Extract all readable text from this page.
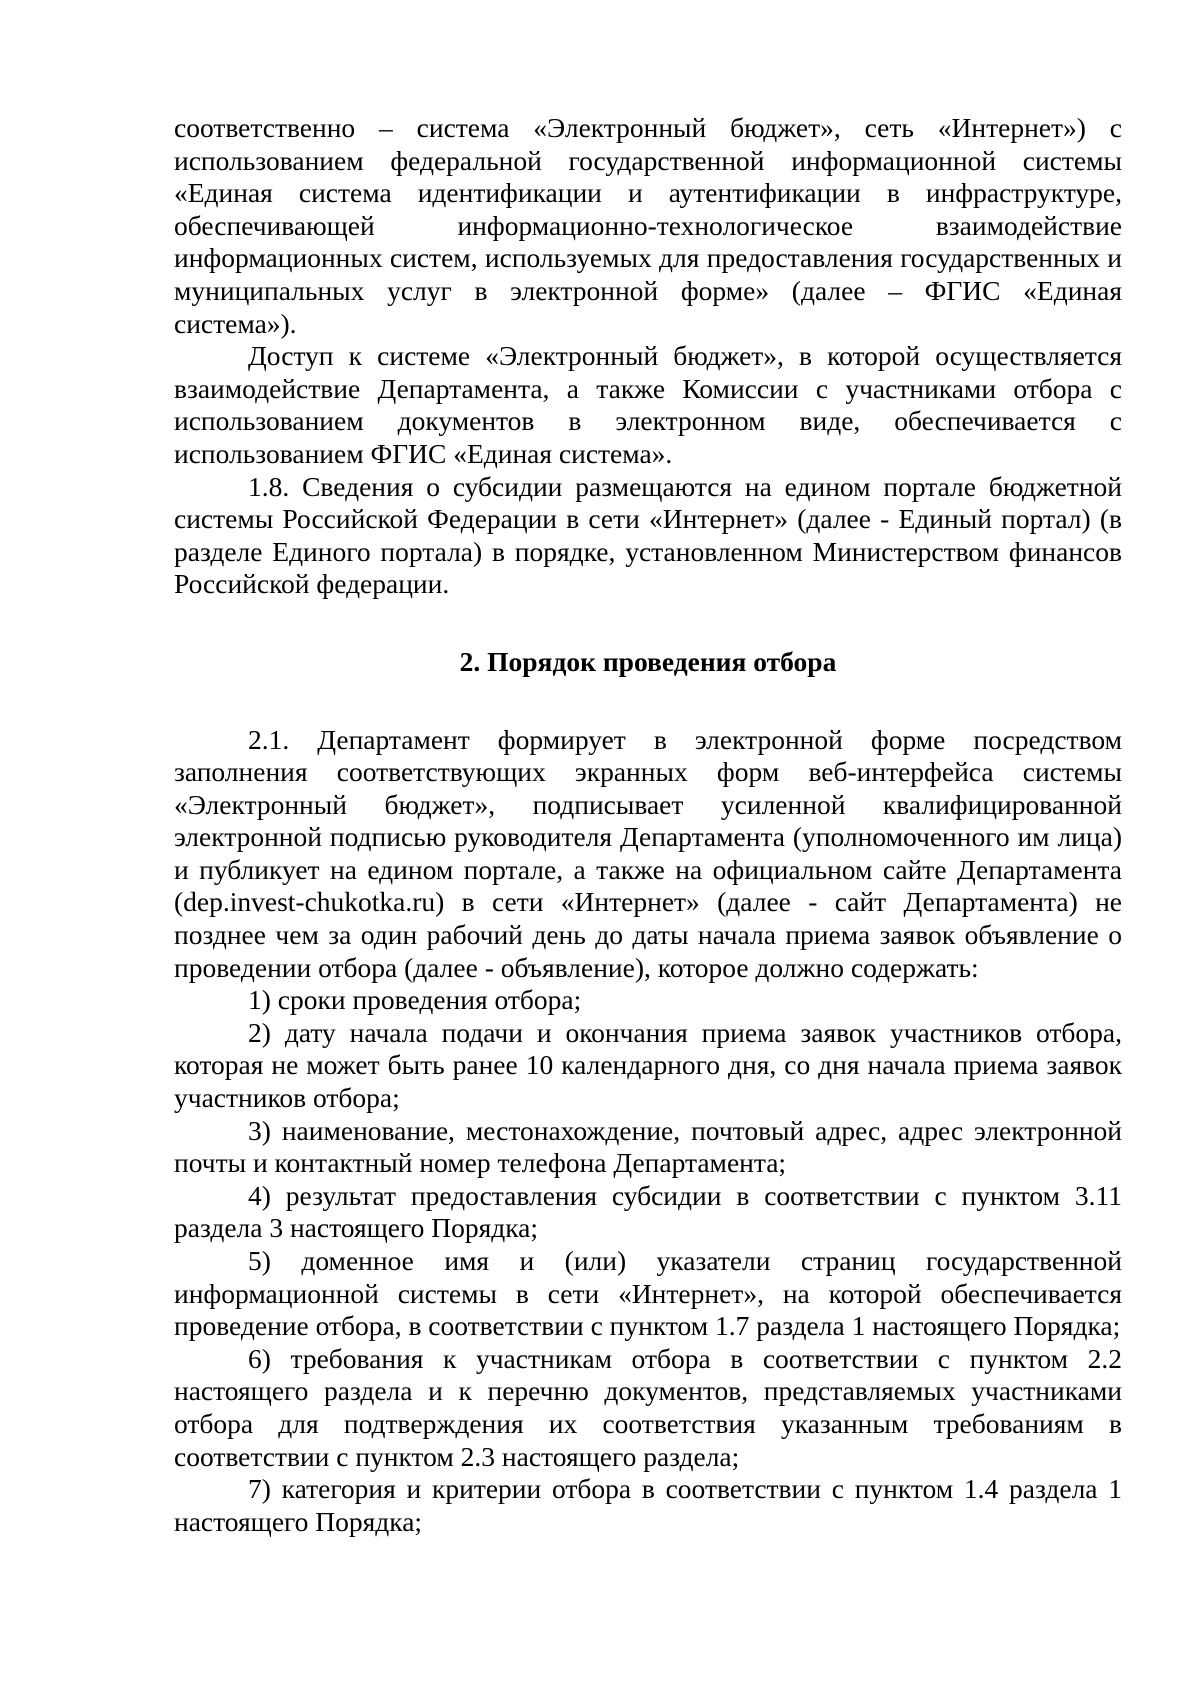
соответственно – система «Электронный бюджет», сеть «Интернет») с использованием федеральной государственной информационной системы «Единая система идентификации и аутентификации в инфраструктуре, обеспечивающей информационно-технологическое взаимодействие информационных систем, используемых для предоставления государственных и муниципальных услуг в электронной форме» (далее – ФГИС «Единая система»).

Доступ к системе «Электронный бюджет», в которой осуществляется взаимодействие Департамента, а также Комиссии с участниками отбора с использованием документов в электронном виде, обеспечивается с использованием ФГИС «Единая система».

1.8. Сведения о субсидии размещаются на едином портале бюджетной системы Российской Федерации в сети «Интернет» (далее - Единый портал) (в разделе Единого портала) в порядке, установленном Министерством финансов Российской федерации.

2. Порядок проведения отбора

2.1. Департамент формирует в электронной форме посредством заполнения соответствующих экранных форм веб-интерфейса системы «Электронный бюджет», подписывает усиленной квалифицированной электронной подписью руководителя Департамента (уполномоченного им лица) и публикует на едином портале, а также на официальном сайте Департамента (dep.invest-chukotka.ru) в сети «Интернет» (далее - сайт Департамента) не позднее чем за один рабочий день до даты начала приема заявок объявление о проведении отбора (далее - объявление), которое должно содержать:

1) сроки проведения отбора;

2) дату начала подачи и окончания приема заявок участников отбора, которая не может быть ранее 10 календарного дня, со дня начала приема заявок участников отбора;

3) наименование, местонахождение, почтовый адрес, адрес электронной почты и контактный номер телефона Департамента;

4) результат предоставления субсидии в соответствии с пунктом 3.11 раздела 3 настоящего Порядка;

5) доменное имя и (или) указатели страниц государственной информационной системы в сети «Интернет», на которой обеспечивается проведение отбора, в соответствии с пунктом 1.7 раздела 1 настоящего Порядка;

6) требования к участникам отбора в соответствии с пунктом 2.2 настоящего раздела и к перечню документов, представляемых участниками отбора для подтверждения их соответствия указанным требованиям в соответствии с пунктом 2.3 настоящего раздела;

7) категория и критерии отбора в соответствии с пунктом 1.4 раздела 1 настоящего Порядка;
